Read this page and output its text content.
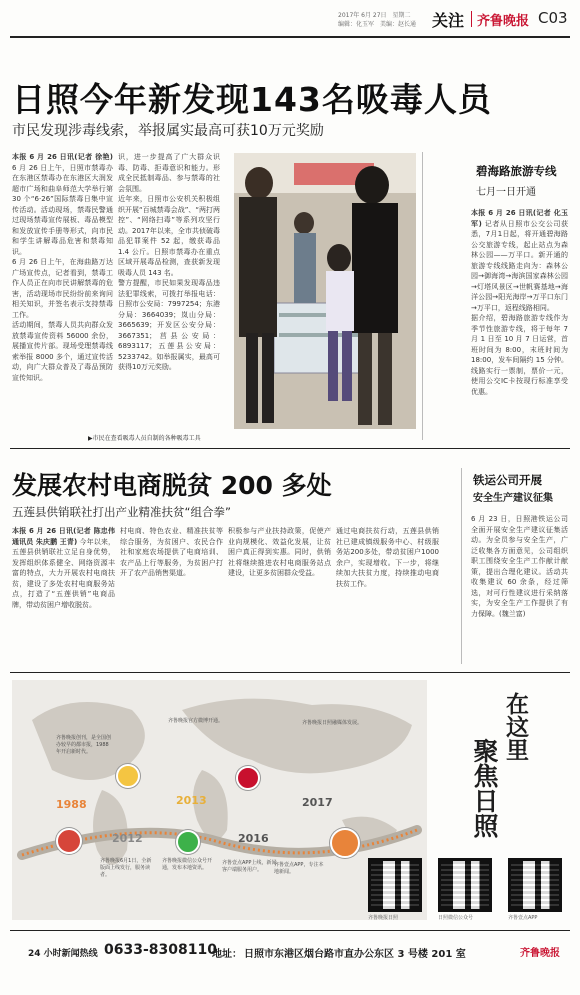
2017年 6月 27日　星期二
编辑：化玉军　美编：赵长通 关注 齐鲁晚报 C03
日照今年新发现143名吸毒人员
市民发现涉毒线索，举报属实最高可获10万元奖励
本报 6 月 26 日讯(记者 徐艳) 6 月 26 日上午，日照市禁毒办在东港区禁毒办在东港区大润发超市广场和曲阜师范大学举行第 30 个“6·26”国际禁毒日集中宣传活动。活动现场，禁毒民警通过现场禁毒宣传展板、毒品模型和发放宣传手册等形式，向市民和学生讲解毒品危害和禁毒知识。
6 月 26 日上午，在海曲路万达广场宣传点，记者看到，禁毒工作人员正在向市民讲解禁毒的危害，活动现场市民纷纷前来询问相关知识，并签名表示支持禁毒工作。
活动期间，禁毒人员共向群众发放禁毒宣传资料 56000 余份，展播宣传片部。现场受理禁毒线索举报 8000 多个，通过宣传活动，向广大群众普及了毒品预防宣传知识。
识，进一步提高了广大群众识毒、防毒、拒毒意识和能力。形成全民抵制毒品、参与禁毒的社会氛围。
近年来，日照市公安机关积极组织开展“百城禁毒会战”、“两打两控”、“网络扫毒”等系列攻坚行动。2017年以来，全市共侦破毒品犯罪案件 52 起，缴获毒品 1.4 公斤。日照市禁毒办在重点区域开展毒品检测，查获新发现吸毒人员 143 名。
警方提醒，市民如果发现毒品违法犯罪线索，可拨打举报电话：日照市公安局：7997254；东港分局：3664039；岚山分局：3665639；开发区公安分局：3667351；莒县公安局：6893117；五莲县公安局：5233742。如举报属实，最高可获得10万元奖励。
▶市民在查看吸毒人员自制的各种吸毒工具
碧海路旅游专线
七月一日开通
本报 6 月 26 日讯(记者 化玉军) 记者从日照市公交公司获悉，7月1日起，将开通碧海路公交旅游专线，起止站点为森林公园——万平口。新开通的旅游专线线路走向为：森林公园→御海湾→海滨国家森林公园→灯塔风景区→世帆赛基地→海洋公园→阳光海岸→万平口东门→万平口，返程线路相同。
据介绍，碧海路旅游专线作为季节性旅游专线，将于每年 7 月 1 日至 10 月 7 日运营，首班时间为 8:00，末班时间为 18:00，发车间隔约 15 分钟。线路实行一票制，票价一元，使用公交IC卡按现行标准享受优惠。
发展农村电商脱贫 200 多处
五莲县供销联社打出产业精准扶贫“组合拳”
本报 6 月 26 日讯(记者 陈忠伟　通讯员 朱庆鹏 王青) 今年以来，五莲县供销联社立足自身优势，发挥组织体系健全、网络资源丰富的特点，大力开展农村电商扶贫，建设了多处农村电商服务站点，打造了“五莲供销”电商品牌，带动贫困户增收脱贫。
村电商、特色农业、精准扶贫等综合服务，为贫困户、农民合作社和家庭农场提供了电商培训、农产品上行等服务，为贫困户打开了农产品销售渠道。
积极参与产业扶持政策，促使产业向规模化、效益化发展，让贫困户真正得到实惠。同时，供销社将继续推进农村电商服务站点建设，让更多贫困群众受益。
通过电商扶贫行动，五莲县供销社已建成镇级服务中心、村级服务站200多处，带动贫困户1000余户，实现增收。下一步，将继续加大扶贫力度，持续推动电商扶贫工作。
铁运公司开展
安全生产建议征集
6 月 23 日，日照港铁运公司全面开展安全生产建议征集活动。为全员参与安全生产，广泛收集各方面意见，公司组织职工围绕安全生产工作献计献策，提出合理化建议。活动共收集建议 60 余条，经过筛选，对可行性建议进行采纳落实，为安全生产工作提供了有力保障。(魏兰富)
1988
2012
2013
2016
2017
齐鲁晚报创刊，是全国创办较早的都市报，1988年开启新时代。
齐鲁晚报6月1日，全新版面上线发行，服务读者。
齐鲁晚报官方微博开通。
齐鲁壹点APP上线，新闻客户端服务用户。
齐鲁晚报日照融媒体发展。
齐鲁晚报微信公众号开通，发布本地资讯。	齐鲁壹点APP，专注本地新闻。
在这里
聚焦日照
齐鲁晚报日照	日照微信公众号	齐鲁壹点APP
24 小时新闻热线 0633-8308110
地址： 日照市东港区烟台路市直办公东区 3 号楼 201 室	齐鲁晚报
